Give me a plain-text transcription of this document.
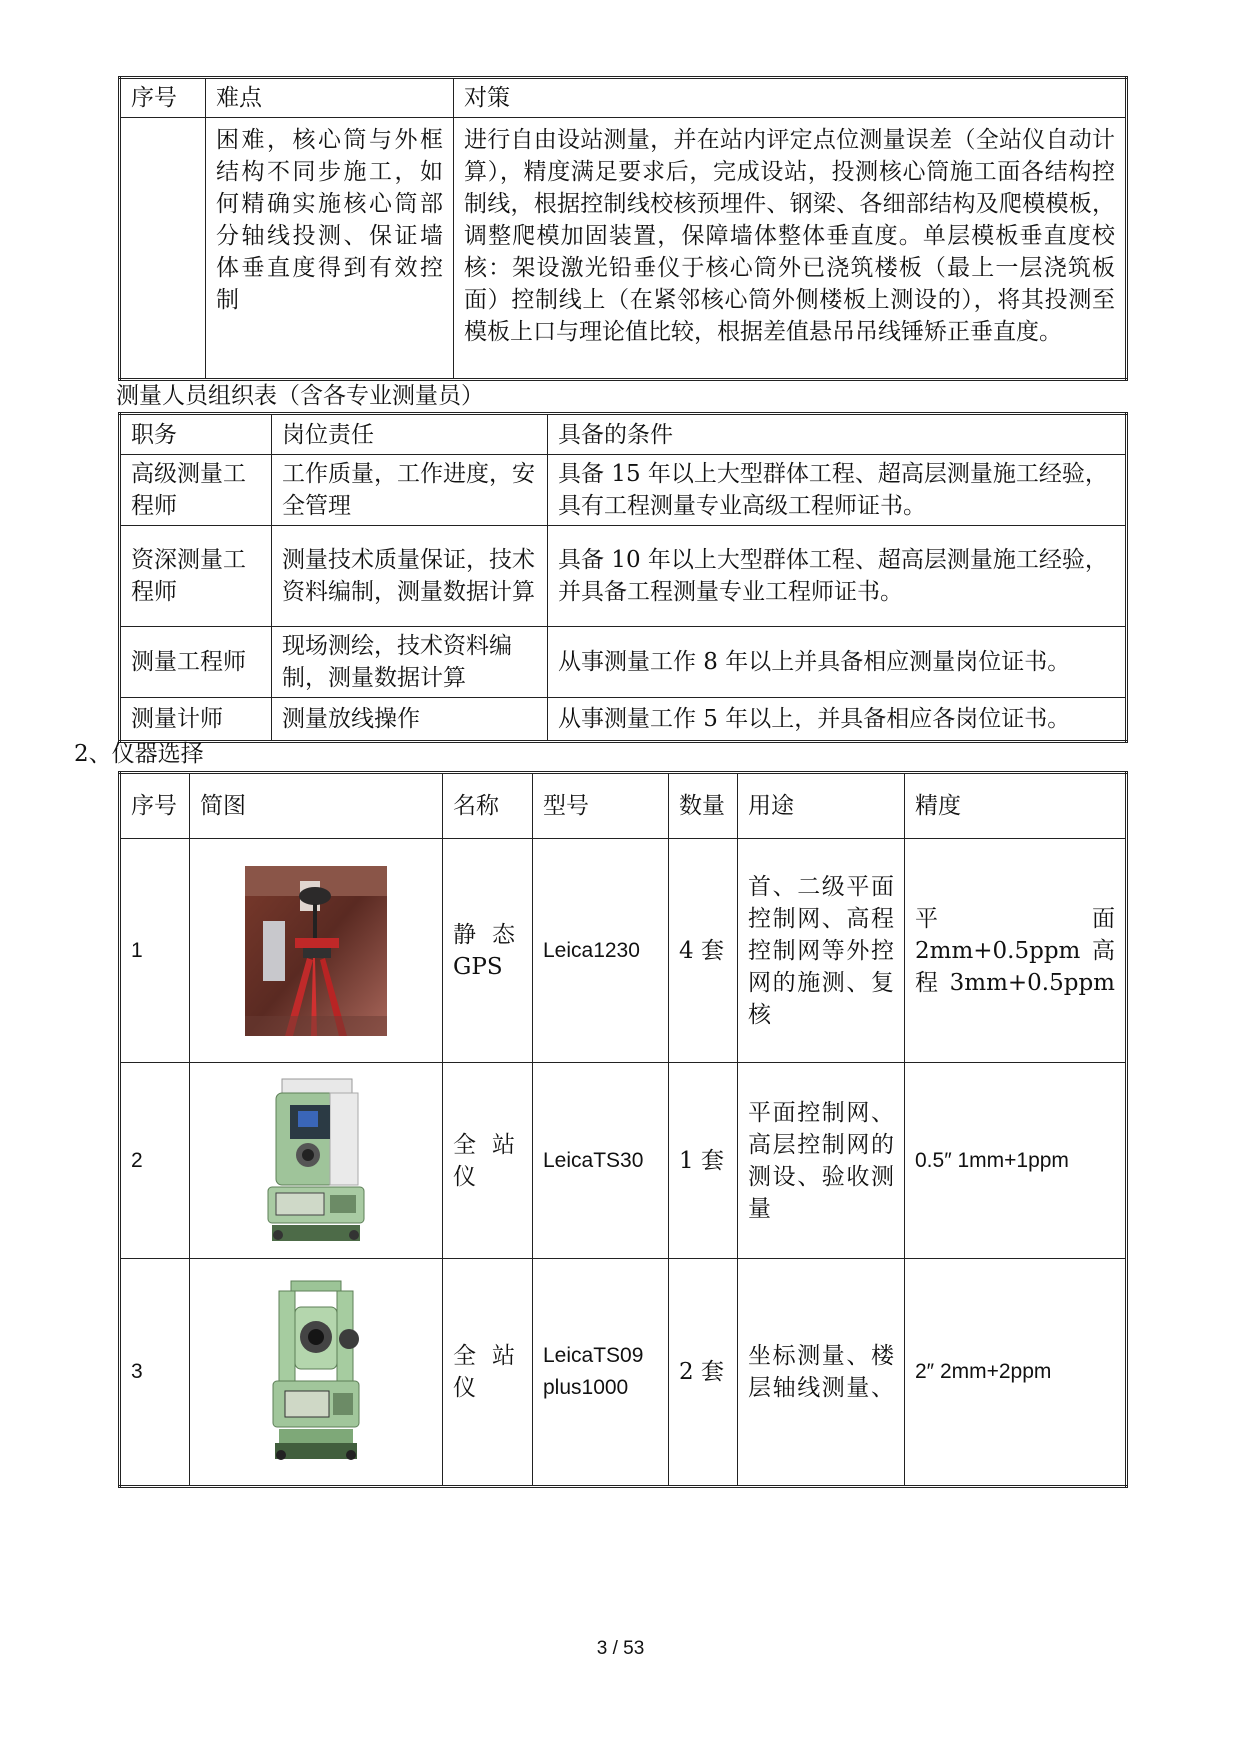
序号	难点	对策
	困难，核心筒与外框结构不同步施工，如何精确实施核心筒部分轴线投测、保证墙体垂直度得到有效控制	进行自由设站测量，并在站内评定点位测量误差（全站仪自动计算），精度满足要求后，完成设站，投测核心筒施工面各结构控制线，根据控制线校核预埋件、钢梁、各细部结构及爬模模板，调整爬模加固装置，保障墙体整体垂直度。单层模板垂直度校核：架设激光铅垂仪于核心筒外已浇筑楼板（最上一层浇筑板面）控制线上（在紧邻核心筒外侧楼板上测设的），将其投测至模板上口与理论值比较，根据差值悬吊吊线锤矫正垂直度。
测量人员组织表（含各专业测量员）
职务	岗位责任	具备的条件
高级测量工程师	工作质量，工作进度，安全管理	具备 15 年以上大型群体工程、超高层测量施工经验，具有工程测量专业高级工程师证书。
资深测量工程师	测量技术质量保证，技术资料编制，测量数据计算	具备 10 年以上大型群体工程、超高层测量施工经验，并具备工程测量专业工程师证书。
测量工程师	现场测绘，技术资料编制，测量数据计算	从事测量工作 8 年以上并具备相应测量岗位证书。
测量计师	测量放线操作	从事测量工作 5 年以上，并具备相应各岗位证书。
2、仪器选择
序号	简图	名称	型号	数量	用途	精度
1		静态GPS	Leica1230	4 套	首、二级平面控制网、高程控制网等外控网的施测、复核	平面2mm+0.5ppm 高程 3mm+0.5ppm

2		全站仪	LeicaTS30	1 套	平面控制网、高层控制网的测设、验收测量	0.5″ 1mm+1ppm
3		全站仪	LeicaTS09 plus1000	2 套	坐标测量、楼层轴线测量、	2″ 2mm+2ppm
3 / 53
